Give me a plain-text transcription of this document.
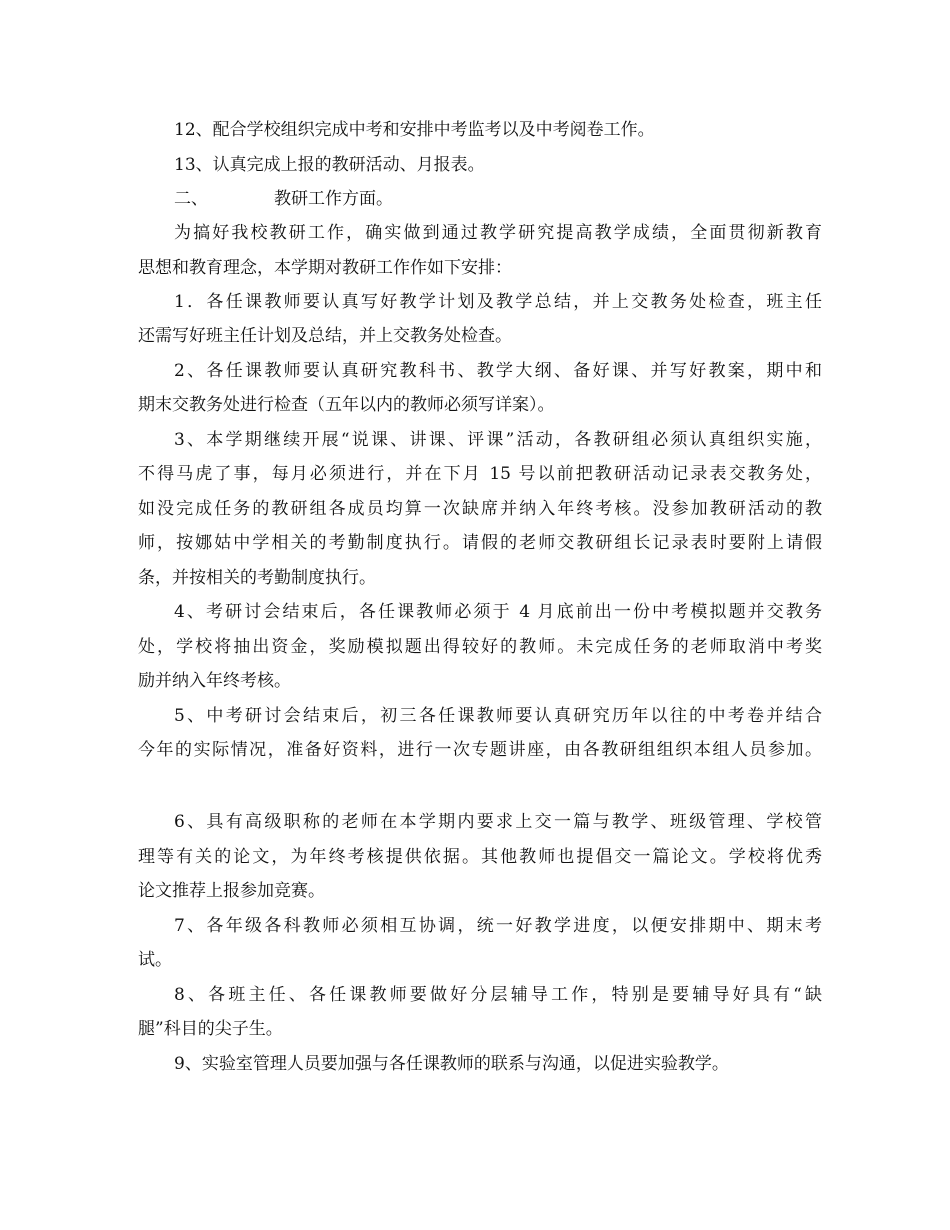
12、配合学校组织完成中考和安排中考监考以及中考阅卷工作。
13、认真完成上报的教研活动、月报表。
二、	教研工作方面。
为搞好我校教研工作，确实做到通过教学研究提高教学成绩，全面贯彻新教育
思想和教育理念，本学期对教研工作作如下安排：
1．各任课教师要认真写好教学计划及教学总结，并上交教务处检查，班主任
还需写好班主任计划及总结，并上交教务处检查。
2、各任课教师要认真研究教科书、教学大纲、备好课、并写好教案，期中和
期末交教务处进行检查（五年以内的教师必须写详案）。
3、本学期继续开展“说课、讲课、评课”活动，各教研组必须认真组织实施，
不得马虎了事，每月必须进行，并在下月 15 号以前把教研活动记录表交教务处，
如没完成任务的教研组各成员均算一次缺席并纳入年终考核。没参加教研活动的教
师，按娜姑中学相关的考勤制度执行。请假的老师交教研组长记录表时要附上请假
条，并按相关的考勤制度执行。
4、考研讨会结束后，各任课教师必须于 4 月底前出一份中考模拟题并交教务
处，学校将抽出资金，奖励模拟题出得较好的教师。未完成任务的老师取消中考奖
励并纳入年终考核。
5、中考研讨会结束后，初三各任课教师要认真研究历年以往的中考卷并结合
今年的实际情况，准备好资料，进行一次专题讲座，由各教研组组织本组人员参加。
6、具有高级职称的老师在本学期内要求上交一篇与教学、班级管理、学校管
理等有关的论文，为年终考核提供依据。其他教师也提倡交一篇论文。学校将优秀
论文推荐上报参加竞赛。
7、各年级各科教师必须相互协调，统一好教学进度，以便安排期中、期末考
试。
8、各班主任、各任课教师要做好分层辅导工作，特别是要辅导好具有“缺
腿”科目的尖子生。
9、实验室管理人员要加强与各任课教师的联系与沟通，以促进实验教学。
